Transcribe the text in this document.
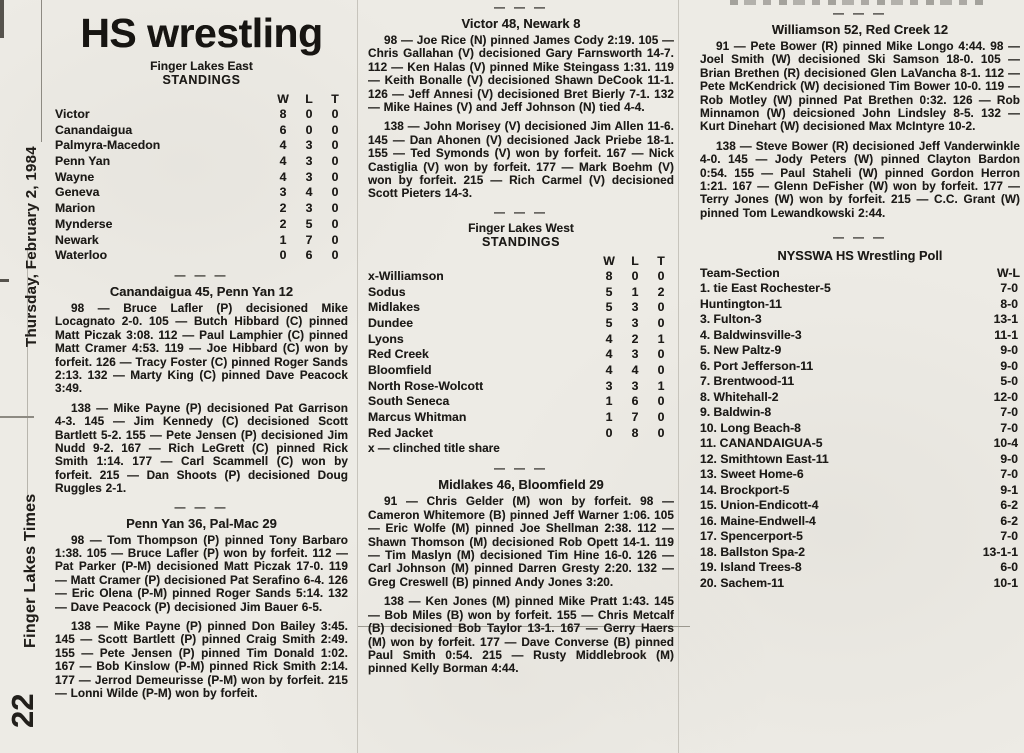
Thursday, February 2, 1984
Finger Lakes Times
22
HS wrestling
Finger Lakes East
STANDINGS
W	L	T
Victor	8	0	0
Canandaigua	6	0	0
Palmyra-Macedon	4	3	0
Penn Yan	4	3	0
Wayne	4	3	0
Geneva	3	4	0
Marion	2	3	0
Mynderse	2	5	0
Newark	1	7	0
Waterloo	0	6	0
— — —
Canandaigua 45, Penn Yan 12

98 — Bruce Lafler (P) decisioned Mike Locagnato 2-0. 105 — Butch Hibbard (C) pinned Matt Piczak 3:08. 112 — Paul Lamphier (C) pinned Matt Cramer 4:53. 119 — Joe Hibbard (C) won by forfeit. 126 — Tracy Foster (C) pinned Roger Sands 2:13. 132 — Marty King (C) pinned Dave Peacock 3:49.

138 — Mike Payne (P) decisioned Pat Garrison 4-3. 145 — Jim Kennedy (C) decisioned Scott Bartlett 5-2. 155 — Pete Jensen (P) decisioned Jim Nudd 9-2. 167 — Rich LeGrett (C) pinned Rick Smith 1:14. 177 — Carl Scammell (C) won by forfeit. 215 — Dan Shoots (P) decisioned Doug Ruggles 2-1.

— — —
Penn Yan 36, Pal-Mac 29

98 — Tom Thompson (P) pinned Tony Barbaro 1:38. 105 — Bruce Lafler (P) won by forfeit. 112 — Pat Parker (P-M) decisioned Matt Piczak 17-0. 119 — Matt Cramer (P) decisioned Pat Serafino 6-4. 126 — Eric Olena (P-M) pinned Roger Sands 5:14. 132 — Dave Peacock (P) decisioned Jim Bauer 6-5.

138 — Mike Payne (P) pinned Don Bailey 3:45. 145 — Scott Bartlett (P) pinned Craig Smith 2:49. 155 — Pete Jensen (P) pinned Tim Donald 1:02. 167 — Bob Kinslow (P-M) pinned Rick Smith 2:14. 177 — Jerrod Demeurisse (P-M) won by forfeit. 215 — Lonni Wilde (P-M) won by forfeit.

— — —
Victor 48, Newark 8

98 — Joe Rice (N) pinned James Cody 2:19. 105 — Chris Gallahan (V) decisioned Gary Farnsworth 14-7. 112 — Ken Halas (V) pinned Mike Steingass 1:31. 119 — Keith Bonalle (V) decisioned Shawn DeCook 11-1. 126 — Jeff Annesi (V) decisioned Bret Bierly 7-1. 132 — Mike Haines (V) and Jeff Johnson (N) tied 4-4.

138 — John Morisey (V) decisioned Jim Allen 11-6. 145 — Dan Ahonen (V) decisioned Jack Priebe 18-1. 155 — Ted Symonds (V) won by forfeit. 167 — Nick Castiglia (V) won by forfeit. 177 — Mark Boehm (V) won by forfeit. 215 — Rich Carmel (V) decisioned Scott Pieters 14-3.

— — —
Finger Lakes West
STANDINGS
W	L	T
x-Williamson	8	0	0
Sodus	5	1	2
Midlakes	5	3	0
Dundee	5	3	0
Lyons	4	2	1
Red Creek	4	3	0
Bloomfield	4	4	0
North Rose-Wolcott	3	3	1
South Seneca	1	6	0
Marcus Whitman	1	7	0
Red Jacket	0	8	0
x — clinched title share
— — —
Midlakes 46, Bloomfield 29

91 — Chris Gelder (M) won by forfeit. 98 — Cameron Whitemore (B) pinned Jeff Warner 1:06. 105 — Eric Wolfe (M) pinned Joe Shellman 2:38. 112 — Shawn Thomson (M) decisioned Rob Opett 14-1. 119 — Tim Maslyn (M) decisioned Tim Hine 16-0. 126 — Carl Johnson (M) pinned Darren Gresty 2:20. 132 — Greg Creswell (B) pinned Andy Jones 3:20.

138 — Ken Jones (M) pinned Mike Pratt 1:43. 145 — Bob Miles (B) won by forfeit. 155 — Chris Metcalf (B) decisioned Bob Taylor 13-1. 167 — Gerry Haers (M) won by forfeit. 177 — Dave Converse (B) pinned Paul Smith 0:54. 215 — Rusty Middlebrook (M) pinned Kelly Borman 4:44.

— — —
Williamson 52, Red Creek 12

91 — Pete Bower (R) pinned Mike Longo 4:44. 98 — Joel Smith (W) decisioned Ski Samson 18-0. 105 — Brian Brethen (R) decisioned Glen LaVancha 8-1. 112 — Pete McKendrick (W) decisioned Tim Bower 10-0. 119 — Rob Motley (W) pinned Pat Brethen 0:32. 126 — Rob Minnamon (W) deicsioned John Lindsley 8-5. 132 — Kurt Dinehart (W) decisioned Max McIntyre 10-2.

138 — Steve Bower (R) decisioned Jeff Vanderwinkle 4-0. 145 — Jody Peters (W) pinned Clayton Bardon 0:54. 155 — Paul Staheli (W) pinned Gordon Herron 1:21. 167 — Glenn DeFisher (W) won by forfeit. 177 — Terry Jones (W) won by forfeit. 215 — C.C. Grant (W) pinned Tom Lewandkowski 2:44.

— — —
NYSSWA HS Wrestling Poll
Team-Section	W-L
1. tie East Rochester-5	7-0
Huntington-11	8-0
3. Fulton-3	13-1
4. Baldwinsville-3	11-1
5. New Paltz-9	9-0
6. Port Jefferson-11	9-0
7. Brentwood-11	5-0
8. Whitehall-2	12-0
9. Baldwin-8	7-0
10. Long Beach-8	7-0
11. CANANDAIGUA-5	10-4
12. Smithtown East-11	9-0
13. Sweet Home-6	7-0
14. Brockport-5	9-1
15. Union-Endicott-4	6-2
16. Maine-Endwell-4	6-2
17. Spencerport-5	7-0
18. Ballston Spa-2	13-1-1
19. Island Trees-8	6-0
20. Sachem-11	10-1
